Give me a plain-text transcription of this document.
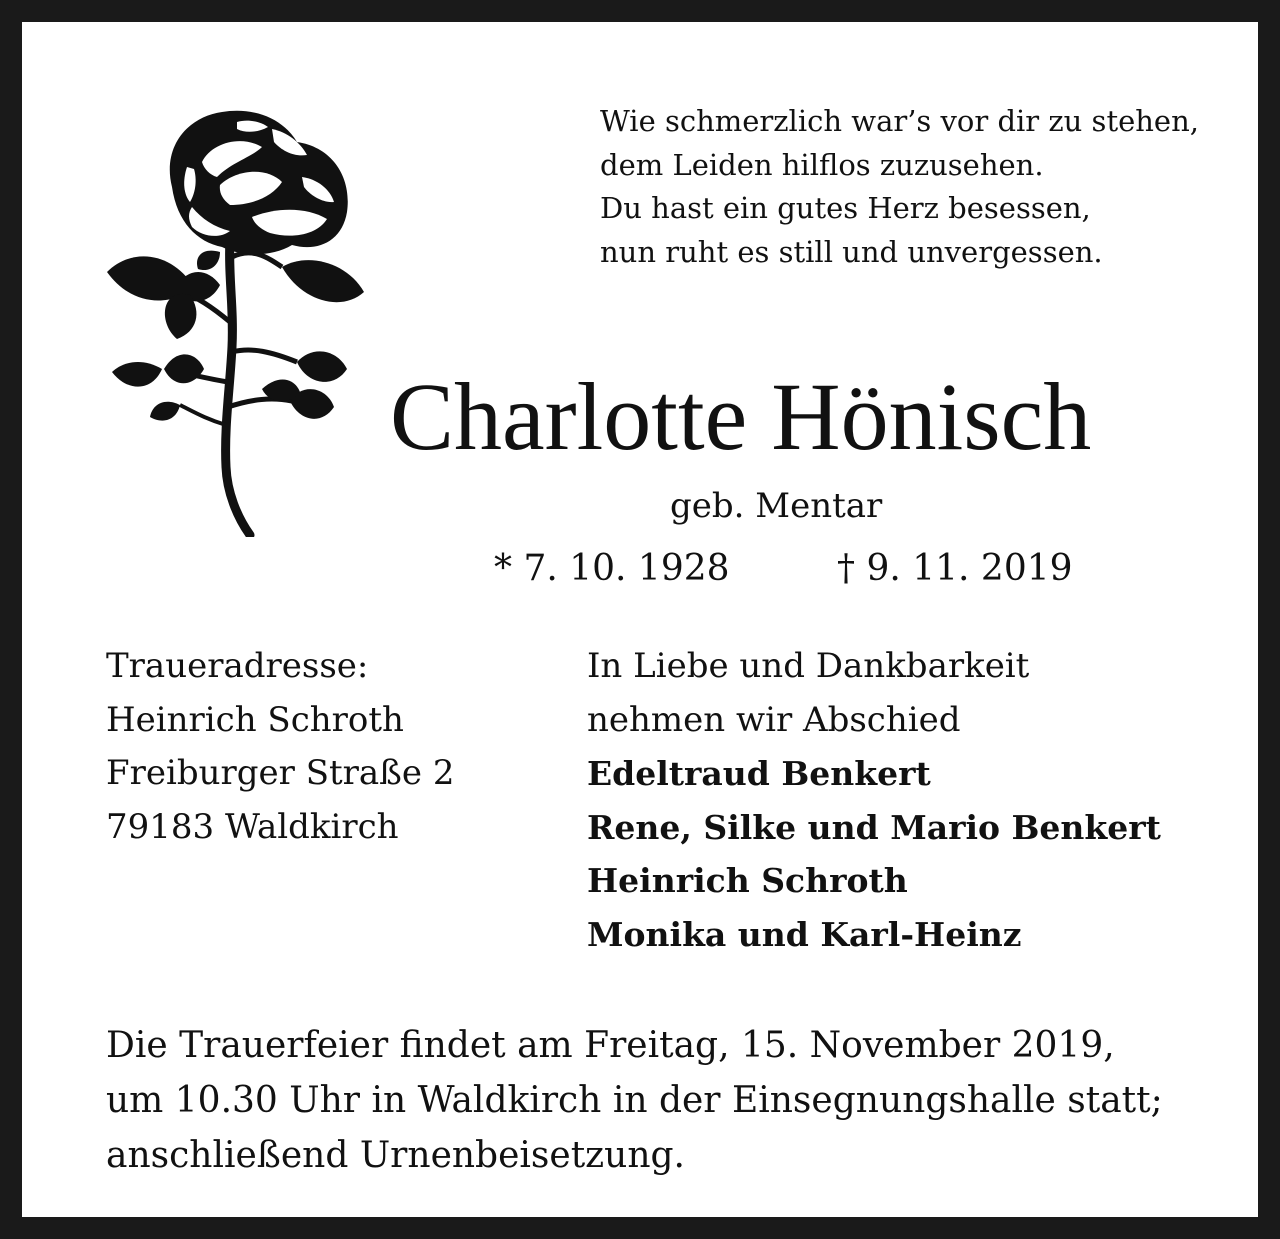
Wie schmerzlich war’s vor dir zu stehen,
dem Leiden hilflos zuzusehen.
Du hast ein gutes Herz besessen,
nun ruht es still und unvergessen.
Charlotte Hönisch
geb. Mentar
* 7. 10. 1928	† 9. 11. 2019
Traueradresse:
Heinrich Schroth
Freiburger Straße 2
79183 Waldkirch
In Liebe und Dankbarkeit
nehmen wir Abschied
Edeltraud Benkert
Rene, Silke und Mario Benkert
Heinrich Schroth
Monika und Karl-Heinz
Die Trauerfeier findet am Freitag, 15. November 2019,
um 10.30 Uhr in Waldkirch in der Einsegnungshalle statt;
anschließend Urnenbeisetzung.
